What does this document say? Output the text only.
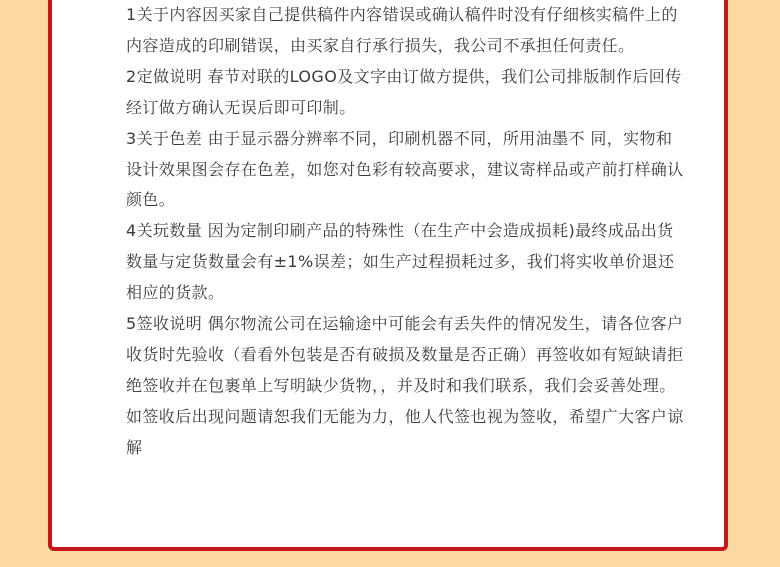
1关于内容因买家自己提供稿件内容错误或确认稿件时没有仔细核实稿件上的内容造成的印刷错误，由买家自行承行损失，我公司不承担任何责任。

2定做说明 春节对联的LOGO及文字由订做方提供，我们公司排版制作后回传经订做方确认无误后即可印制。

3关于色差 由于显示器分辨率不同，印刷机器不同，所用油墨不 同，实物和设计效果图会存在色差，如您对色彩有较高要求，建议寄样品或产前打样确认颜色。

4关玩数量 因为定制印刷产品的特殊性（在生产中会造成损耗)最终成品出货数量与定货数量会有±1%误差；如生产过程损耗过多，我们将实收单价退还相应的货款。

5签收说明 偶尔物流公司在运输途中可能会有丢失件的情况发生，请各位客户收货时先验收（看看外包装是否有破损及数量是否正确）再签收如有短缺请拒绝签收并在包裹单上写明缺少货物，，并及时和我们联系，我们会妥善处理。如签收后出现问题请恕我们无能为力，他人代签也视为签收，希望广大客户谅解
